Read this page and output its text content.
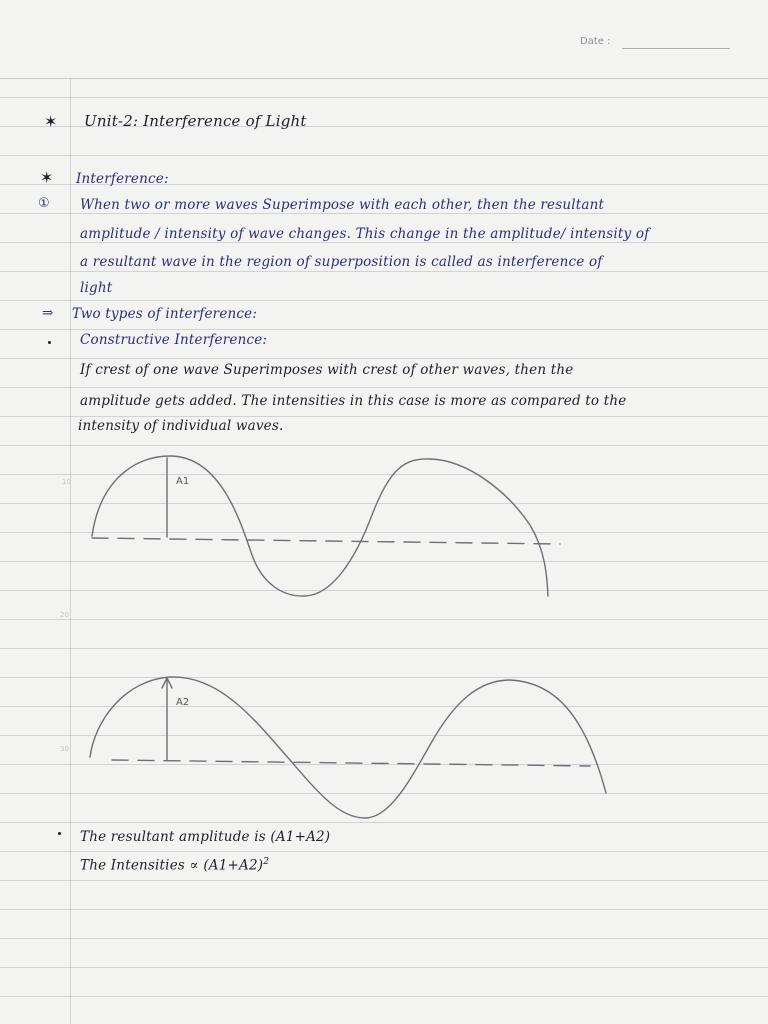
Date :
✶ Unit-2: Interference of Light
✶ Interference:
① When two or more waves Superimpose with each other, then the resultant
amplitude / intensity of wave changes. This change in the amplitude/ intensity of
a resultant wave in the region of superposition is called as interference of
light
⇒ Two types of interference:
Constructive Interference:
If crest of one wave Superimposes with crest of other waves, then the
amplitude gets added. The intensities in this case is more as compared to the
intensity of individual waves.
10
20
30
A1
A2
The resultant amplitude is (A1+A2)
The Intensities ∝ $(A1+A2)^2$
